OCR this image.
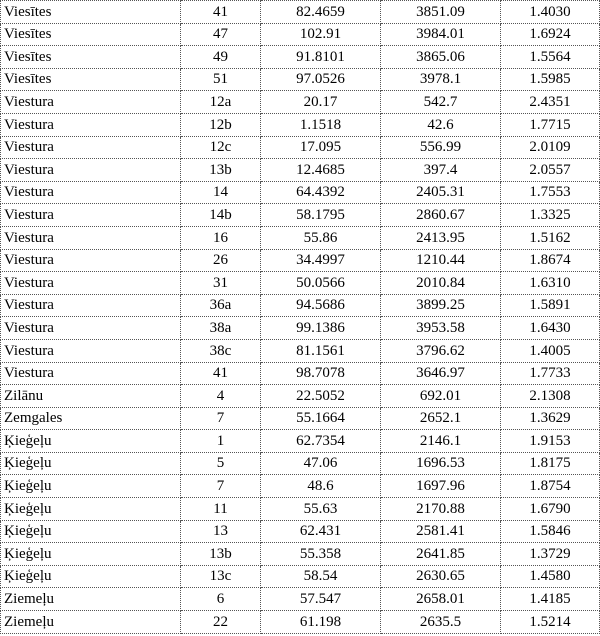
Viesītes	41	82.4659	3851.09	1.4030
Viesītes	47	102.91	3984.01	1.6924
Viesītes	49	91.8101	3865.06	1.5564
Viesītes	51	97.0526	3978.1	1.5985
Viestura	12a	20.17	542.7	2.4351
Viestura	12b	1.1518	42.6	1.7715
Viestura	12c	17.095	556.99	2.0109
Viestura	13b	12.4685	397.4	2.0557
Viestura	14	64.4392	2405.31	1.7553
Viestura	14b	58.1795	2860.67	1.3325
Viestura	16	55.86	2413.95	1.5162
Viestura	26	34.4997	1210.44	1.8674
Viestura	31	50.0566	2010.84	1.6310
Viestura	36a	94.5686	3899.25	1.5891
Viestura	38a	99.1386	3953.58	1.6430
Viestura	38c	81.1561	3796.62	1.4005
Viestura	41	98.7078	3646.97	1.7733
Zilānu	4	22.5052	692.01	2.1308
Zemgales	7	55.1664	2652.1	1.3629
Ķieģeļu	1	62.7354	2146.1	1.9153
Ķieģeļu	5	47.06	1696.53	1.8175
Ķieģeļu	7	48.6	1697.96	1.8754
Ķieģeļu	11	55.63	2170.88	1.6790
Ķieģeļu	13	62.431	2581.41	1.5846
Ķieģeļu	13b	55.358	2641.85	1.3729
Ķieģeļu	13c	58.54	2630.65	1.4580
Ziemeļu	6	57.547	2658.01	1.4185
Ziemeļu	22	61.198	2635.5	1.5214
